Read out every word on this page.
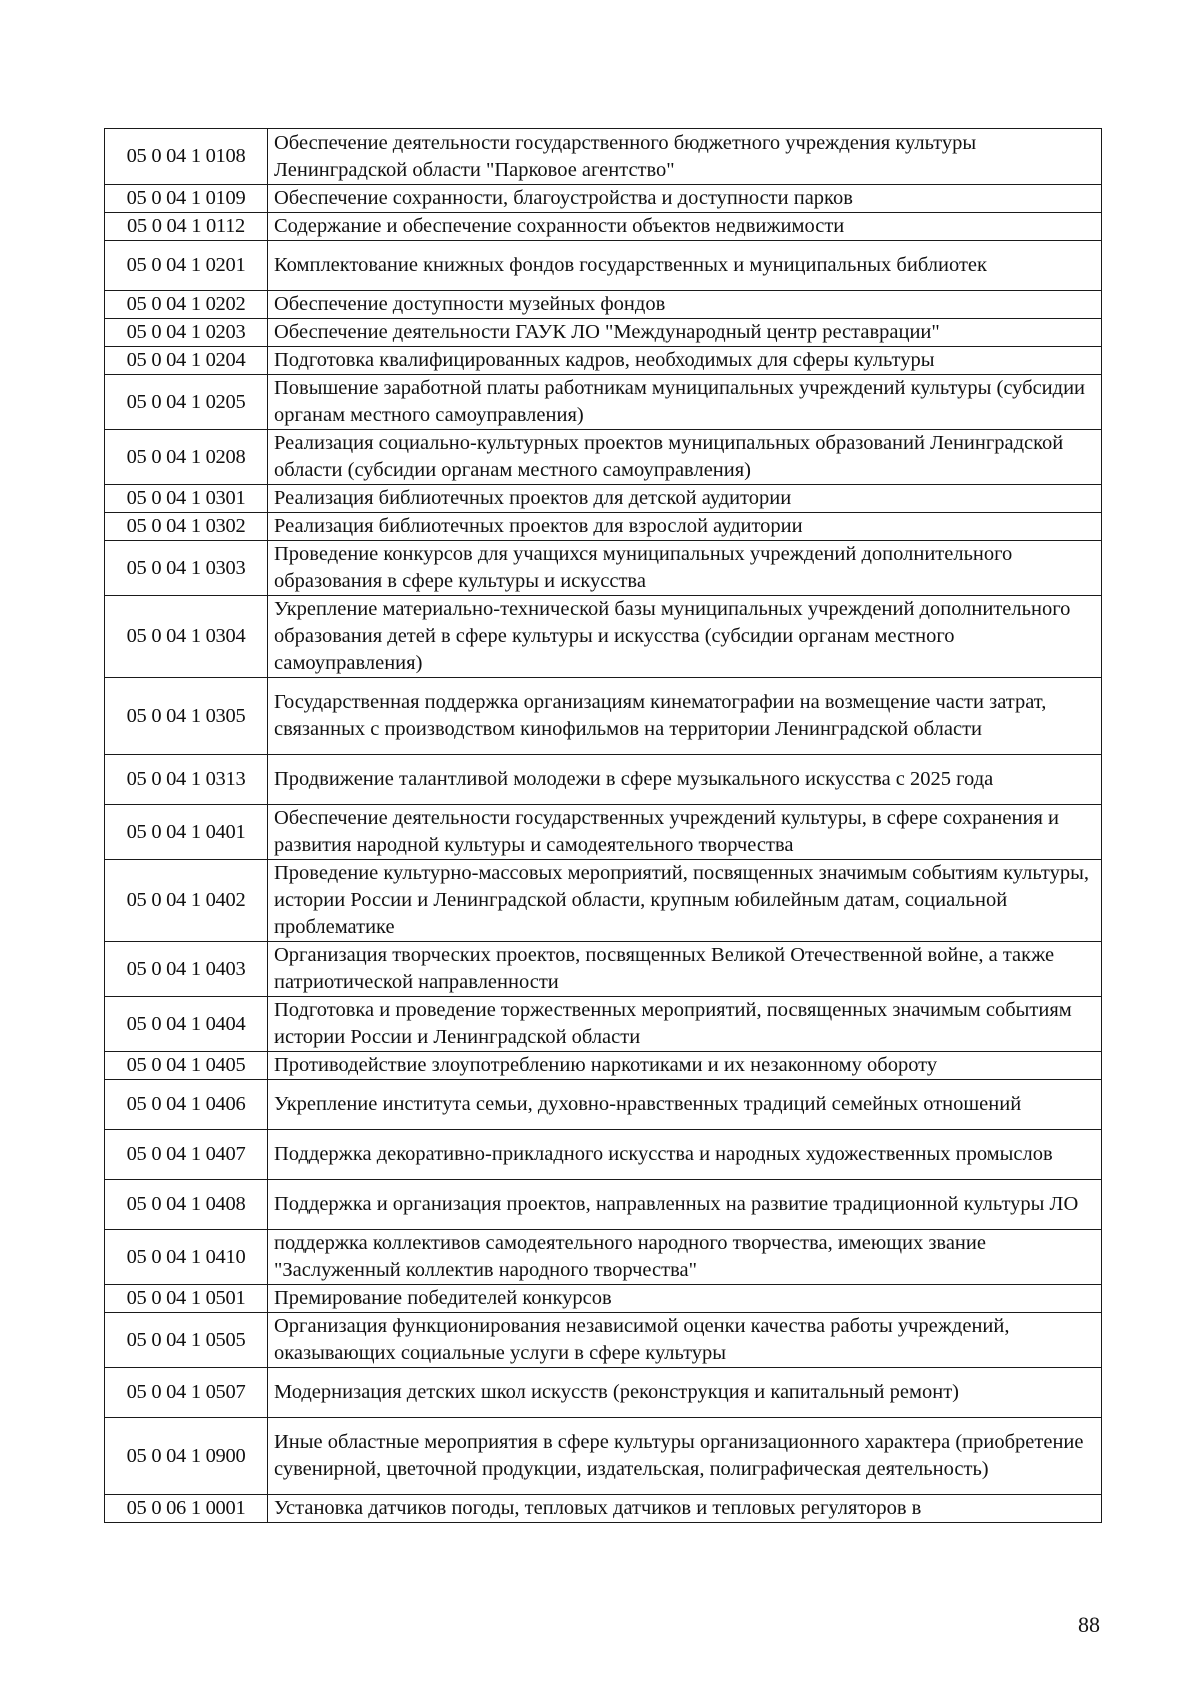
05 0 04 1 0108	Обеспечение деятельности государственного бюджетного учреждения культуры Ленинградской области "Парковое агентство"
05 0 04 1 0109	Обеспечение сохранности, благоустройства и доступности парков
05 0 04 1 0112	Содержание и обеспечение сохранности объектов недвижимости
05 0 04 1 0201	Комплектование книжных фондов государственных и муниципальных библиотек
05 0 04 1 0202	Обеспечение доступности музейных фондов
05 0 04 1 0203	Обеспечение деятельности ГАУК ЛО "Международный центр реставрации"
05 0 04 1 0204	Подготовка квалифицированных кадров, необходимых для сферы культуры
05 0 04 1 0205	Повышение заработной платы работникам муниципальных учреждений культуры (субсидии органам местного самоуправления)
05 0 04 1 0208	Реализация социально-культурных проектов муниципальных образований Ленинградской области (субсидии органам местного самоуправления)
05 0 04 1 0301	Реализация библиотечных проектов для детской аудитории
05 0 04 1 0302	Реализация библиотечных проектов для взрослой аудитории
05 0 04 1 0303	Проведение конкурсов для учащихся муниципальных учреждений дополнительного образования в сфере культуры и искусства
05 0 04 1 0304	Укрепление материально-технической базы муниципальных учреждений дополнительного образования детей в сфере культуры и искусства (субсидии органам местного самоуправления)
05 0 04 1 0305	Государственная поддержка организациям кинематографии на возмещение части затрат, связанных с производством кинофильмов на территории Ленинградской области
05 0 04 1 0313	Продвижение талантливой молодежи в сфере музыкального искусства с 2025 года
05 0 04 1 0401	Обеспечение деятельности государственных учреждений культуры, в сфере сохранения и развития народной культуры и самодеятельного творчества
05 0 04 1 0402	Проведение культурно-массовых мероприятий, посвященных значимым событиям культуры, истории России и Ленинградской области, крупным юбилейным датам, социальной проблематике
05 0 04 1 0403	Организация творческих проектов, посвященных Великой Отечественной войне, а также патриотической направленности
05 0 04 1 0404	Подготовка и проведение торжественных мероприятий, посвященных значимым событиям истории России и Ленинградской области
05 0 04 1 0405	Противодействие злоупотреблению наркотиками и их незаконному обороту
05 0 04 1 0406	Укрепление института семьи, духовно-нравственных традиций семейных отношений
05 0 04 1 0407	Поддержка декоративно-прикладного искусства и народных художественных промыслов
05 0 04 1 0408	Поддержка и организация проектов, направленных на развитие традиционной культуры ЛО
05 0 04 1 0410	поддержка коллективов самодеятельного народного творчества, имеющих звание "Заслуженный коллектив народного творчества"
05 0 04 1 0501	Премирование победителей конкурсов
05 0 04 1 0505	Организация функционирования независимой оценки качества работы учреждений, оказывающих социальные услуги в сфере культуры
05 0 04 1 0507	Модернизация детских школ искусств (реконструкция и капитальный ремонт)
05 0 04 1 0900	Иные областные мероприятия в сфере культуры организационного характера (приобретение сувенирной, цветочной продукции, издательская, полиграфическая деятельность)
05 0 06 1 0001	Установка датчиков погоды, тепловых датчиков и тепловых регуляторов в
88
